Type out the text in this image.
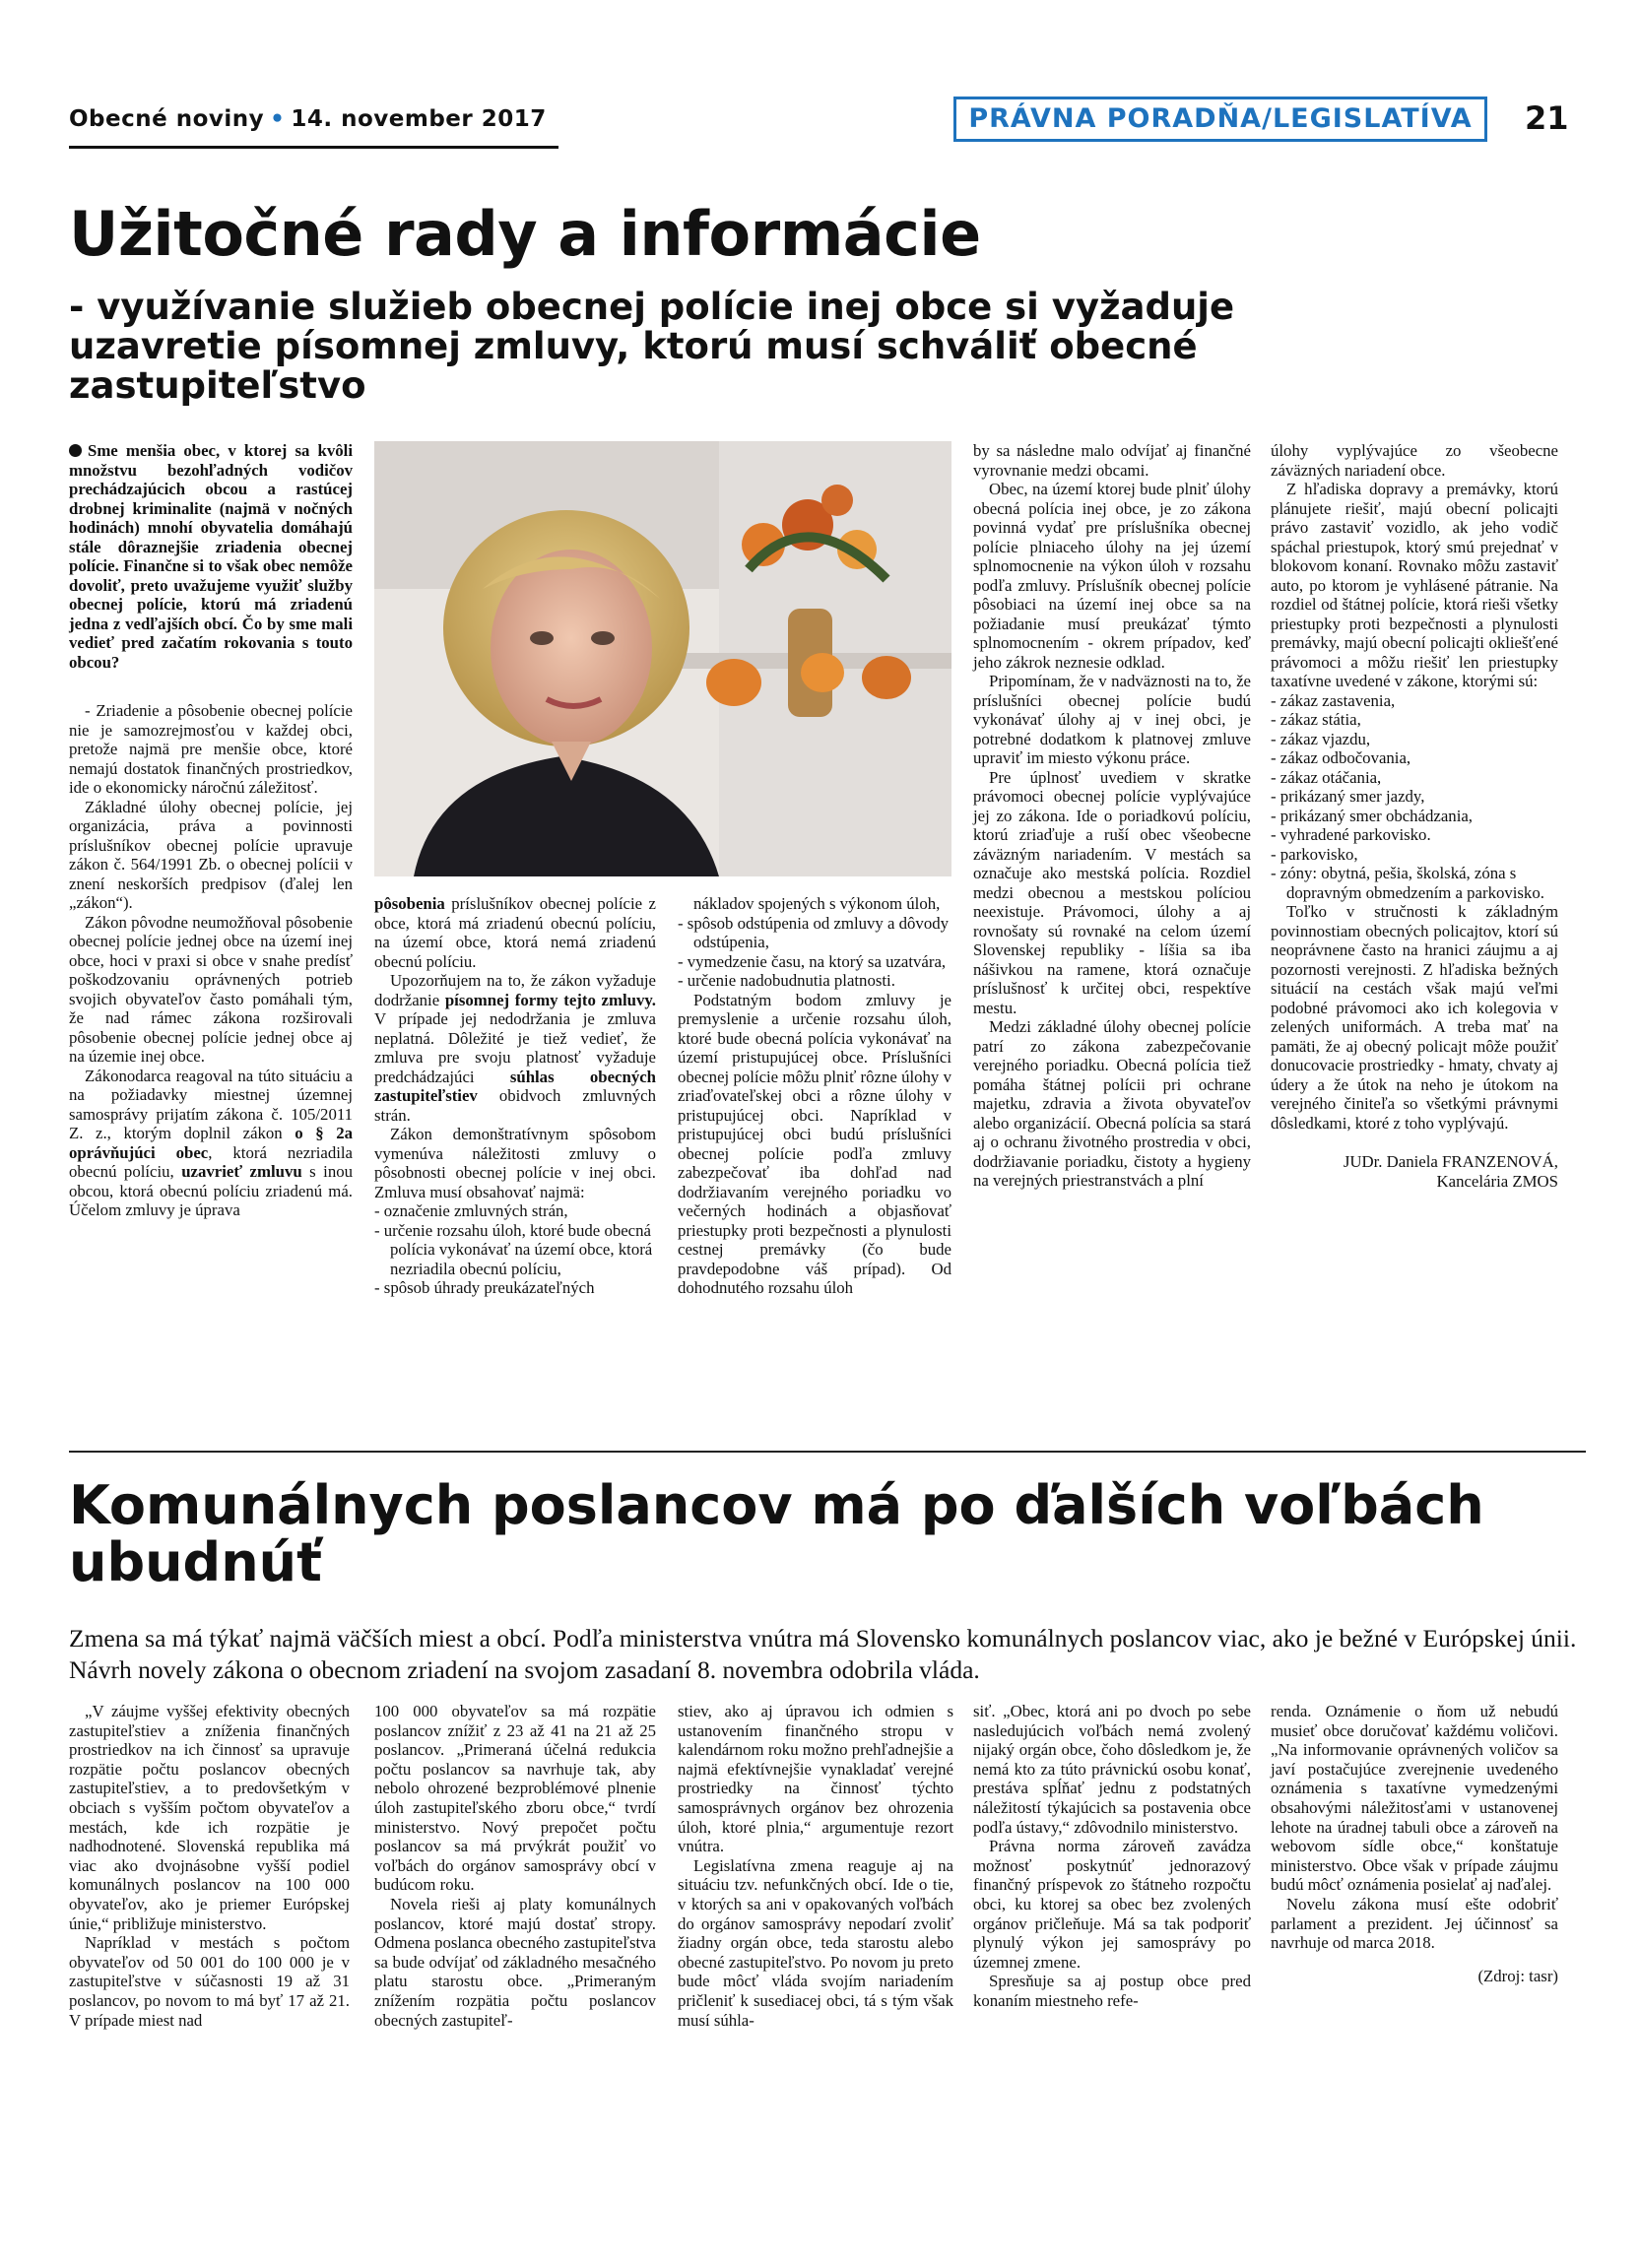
Obecné noviny • 14. november 2017	PRÁVNA PORADŇA/LEGISLATÍVA	21
Užitočné rady a informácie
- využívanie služieb obecnej polície inej obce si vyžaduje uzavretie písomnej zmluvy, ktorú musí schváliť obecné zastupiteľstvo

Sme menšia obec, v ktorej sa kvôli množstvu bezohľadných vodičov prechádzajúcich obcou a rastúcej drobnej kriminalite (najmä v nočných hodinách) mnohí obyvatelia domáhajú stále dôraznejšie zriadenia obecnej polície. Finančne si to však obec nemôže dovoliť, preto uvažujeme využiť služby obecnej polície, ktorú má zriadenú jedna z vedľajších obcí. Čo by sme mali vedieť pred začatím rokovania s touto obcou?

- Zriadenie a pôsobenie obecnej polície nie je samozrejmosťou v každej obci, pretože najmä pre menšie obce, ktoré nemajú dostatok finančných prostriedkov, ide o ekonomicky náročnú záležitosť.

Základné úlohy obecnej polície, jej organizácia, práva a povinnosti príslušníkov obecnej polície upravuje zákon č. 564/1991 Zb. o obecnej polícii v znení neskorších predpisov (ďalej len „zákon“).

Zákon pôvodne neumožňoval pôsobenie obecnej polície jednej obce na území inej obce, hoci v praxi si obce v snahe predísť poškodzovaniu oprávnených potrieb svojich obyvateľov často pomáhali tým, že nad rámec zákona rozširovali pôsobenie obecnej polície jednej obce aj na územie inej obce.

Zákonodarca reagoval na túto situáciu a na požiadavky miestnej územnej samosprávy prijatím zákona č. 105/2011 Z. z., ktorým doplnil zákon o § 2a oprávňujúci obec, ktorá nezriadila obecnú políciu, uzavrieť zmluvu s inou obcou, ktorá obecnú políciu zriadenú má. Účelom zmluvy je úprava

pôsobenia príslušníkov obecnej polície z obce, ktorá má zriadenú obecnú políciu, na území obce, ktorá nemá zriadenú obecnú políciu.

Upozorňujem na to, že zákon vyžaduje dodržanie písomnej formy tejto zmluvy. V prípade jej nedodržania je zmluva neplatná. Dôležité je tiež vedieť, že zmluva pre svoju platnosť vyžaduje predchádzajúci súhlas obecných zastupiteľstiev obidvoch zmluvných strán.

Zákon demonštratívnym spôsobom vymenúva náležitosti zmluvy o pôsobnosti obecnej polície v inej obci. Zmluva musí obsahovať najmä:

- označenie zmluvných strán,
- určenie rozsahu úloh, ktoré bude obecná polícia vykonávať na území obce, ktorá nezriadila obecnú políciu,
- spôsob úhrady preukázateľných
nákladov spojených s výkonom úloh,
- spôsob odstúpenia od zmluvy a dôvody odstúpenia,
- vymedzenie času, na ktorý sa uzatvára,
- určenie nadobudnutia platnosti.

Podstatným bodom zmluvy je premyslenie a určenie rozsahu úloh, ktoré bude obecná polícia vykonávať na území pristupujúcej obce. Príslušníci obecnej polície môžu plniť rôzne úlohy v zriaďovateľskej obci a rôzne úlohy v pristupujúcej obci. Napríklad v pristupujúcej obci budú príslušníci obecnej polície podľa zmluvy zabezpečovať iba dohľad nad dodržiavaním verejného poriadku vo večerných hodinách a objasňovať priestupky proti bezpečnosti a plynulosti cestnej premávky (čo bude pravdepodobne váš prípad). Od dohodnutého rozsahu úloh

by sa následne malo odvíjať aj finančné vyrovnanie medzi obcami.

Obec, na území ktorej bude plniť úlohy obecná polícia inej obce, je zo zákona povinná vydať pre príslušníka obecnej polície plniaceho úlohy na jej území splnomocnenie na výkon úloh v rozsahu podľa zmluvy. Príslušník obecnej polície pôsobiaci na území inej obce sa na požiadanie musí preukázať týmto splnomocnením - okrem prípadov, keď jeho zákrok neznesie odklad.

Pripomínam, že v nadväznosti na to, že príslušníci obecnej polície budú vykonávať úlohy aj v inej obci, je potrebné dodatkom k platnovej zmluve upraviť im miesto výkonu práce.

Pre úplnosť uvediem v skratke právomoci obecnej polície vyplývajúce jej zo zákona. Ide o poriadkovú políciu, ktorú zriaďuje a ruší obec všeobecne záväzným nariadením. V mestách sa označuje ako mestská polícia. Rozdiel medzi obecnou a mestskou políciou neexistuje. Právomoci, úlohy a aj rovnošaty sú rovnaké na celom území Slovenskej republiky - líšia sa iba nášivkou na ramene, ktorá označuje príslušnosť k určitej obci, respektíve mestu.

Medzi základné úlohy obecnej polície patrí zo zákona zabezpečovanie verejného poriadku. Obecná polícia tiež pomáha štátnej polícii pri ochrane majetku, zdravia a života obyvateľov alebo organizácií. Obecná polícia sa stará aj o ochranu životného prostredia v obci, dodržiavanie poriadku, čistoty a hygieny na verejných priestranstvách a plní

úlohy vyplývajúce zo všeobecne záväzných nariadení obce.

Z hľadiska dopravy a premávky, ktorú plánujete riešiť, majú obecní policajti právo zastaviť vozidlo, ak jeho vodič spáchal priestupok, ktorý smú prejednať v blokovom konaní. Rovnako môžu zastaviť auto, po ktorom je vyhlásené pátranie. Na rozdiel od štátnej polície, ktorá rieši všetky priestupky proti bezpečnosti a plynulosti premávky, majú obecní policajti okliešťené právomoci a môžu riešiť len priestupky taxatívne uvedené v zákone, ktorými sú:

- zákaz zastavenia,
- zákaz státia,
- zákaz vjazdu,
- zákaz odbočovania,
- zákaz otáčania,
- prikázaný smer jazdy,
- prikázaný smer obchádzania,
- vyhradené parkovisko.
- parkovisko,
- zóny: obytná, pešia, školská, zóna s dopravným obmedzením a parkovisko.

Toľko v stručnosti k základným povinnostiam obecných policajtov, ktorí sú neoprávnene často na hranici záujmu a aj pozornosti verejnosti. Z hľadiska bežných situácií na cestách však majú veľmi podobné právomoci ako ich kolegovia v zelených uniformách. A treba mať na pamäti, že aj obecný policajt môže použiť donucovacie prostriedky - hmaty, chvaty aj údery a že útok na neho je útokom na verejného činiteľa so všetkými právnymi dôsledkami, ktoré z toho vyplývajú.

JUDr. Daniela FRANZENOVÁ,
Kancelária ZMOS
Komunálnych poslancov má po ďalších voľbách ubudnúť
Zmena sa má týkať najmä väčších miest a obcí. Podľa ministerstva vnútra má Slovensko komunálnych poslancov viac, ako je bežné v Európskej únii. Návrh novely zákona o obecnom zriadení na svojom zasadaní 8. novembra odobrila vláda.

„V záujme vyššej efektivity obecných zastupiteľstiev a zníženia finančných prostriedkov na ich činnosť sa upravuje rozpätie počtu poslancov obecných zastupiteľstiev, a to predovšetkým v obciach s vyšším počtom obyvateľov a mestách, kde ich rozpätie je nadhodnotené. Slovenská republika má viac ako dvojnásobne vyšší podiel komunálnych poslancov na 100 000 obyvateľov, ako je priemer Európskej únie,“ približuje ministerstvo.

Napríklad v mestách s počtom obyvateľov od 50 001 do 100 000 je v zastupiteľstve v súčasnosti 19 až 31 poslancov, po novom to má byť 17 až 21. V prípade miest nad

100 000 obyvateľov sa má rozpätie poslancov znížiť z 23 až 41 na 21 až 25 poslancov. „Primeraná účelná redukcia počtu poslancov sa navrhuje tak, aby nebolo ohrozené bezproblémové plnenie úloh zastupiteľského zboru obce,“ tvrdí ministerstvo. Nový prepočet počtu poslancov sa má prvýkrát použiť vo voľbách do orgánov samosprávy obcí v budúcom roku.

Novela rieši aj platy komunálnych poslancov, ktoré majú dostať stropy. Odmena poslanca obecného zastupiteľstva sa bude odvíjať od základného mesačného platu starostu obce. „Primeraným znížením rozpätia počtu poslancov obecných zastupiteľ-

stiev, ako aj úpravou ich odmien s ustanovením finančného stropu v kalendárnom roku možno prehľadnejšie a najmä efektívnejšie vynakladať verejné prostriedky na činnosť týchto samosprávnych orgánov bez ohrozenia úloh, ktoré plnia,“ argumentuje rezort vnútra.

Legislatívna zmena reaguje aj na situáciu tzv. nefunkčných obcí. Ide o tie, v ktorých sa ani v opakovaných voľbách do orgánov samosprávy nepodarí zvoliť žiadny orgán obce, teda starostu alebo obecné zastupiteľstvo. Po novom ju preto bude môcť vláda svojím nariadením pričleniť k susediacej obci, tá s tým však musí súhla-

siť. „Obec, ktorá ani po dvoch po sebe nasledujúcich voľbách nemá zvolený nijaký orgán obce, čoho dôsledkom je, že nemá kto za túto právnickú osobu konať, prestáva spĺňať jednu z podstatných náležitostí týkajúcich sa postavenia obce podľa ústavy,“ zdôvodnilo ministerstvo.

Právna norma zároveň zavádza možnosť poskytnúť jednorazový finančný príspevok zo štátneho rozpočtu obci, ku ktorej sa obec bez zvolených orgánov pričleňuje. Má sa tak podporiť plynulý výkon jej samosprávy po územnej zmene.

Spresňuje sa aj postup obce pred konaním miestneho refe-

renda. Oznámenie o ňom už nebudú musieť obce doručovať každému voličovi. „Na informovanie oprávnených voličov sa javí postačujúce zverejnenie uvedeného oznámenia s taxatívne vymedzenými obsahovými náležitosťami v ustanovenej lehote na úradnej tabuli obce a zároveň na webovom sídle obce,“ konštatuje ministerstvo. Obce však v prípade záujmu budú môcť oznámenia posielať aj naďalej.

Novelu zákona musí ešte odobriť parlament a prezident. Jej účinnosť sa navrhuje od marca 2018.

(Zdroj: tasr)
